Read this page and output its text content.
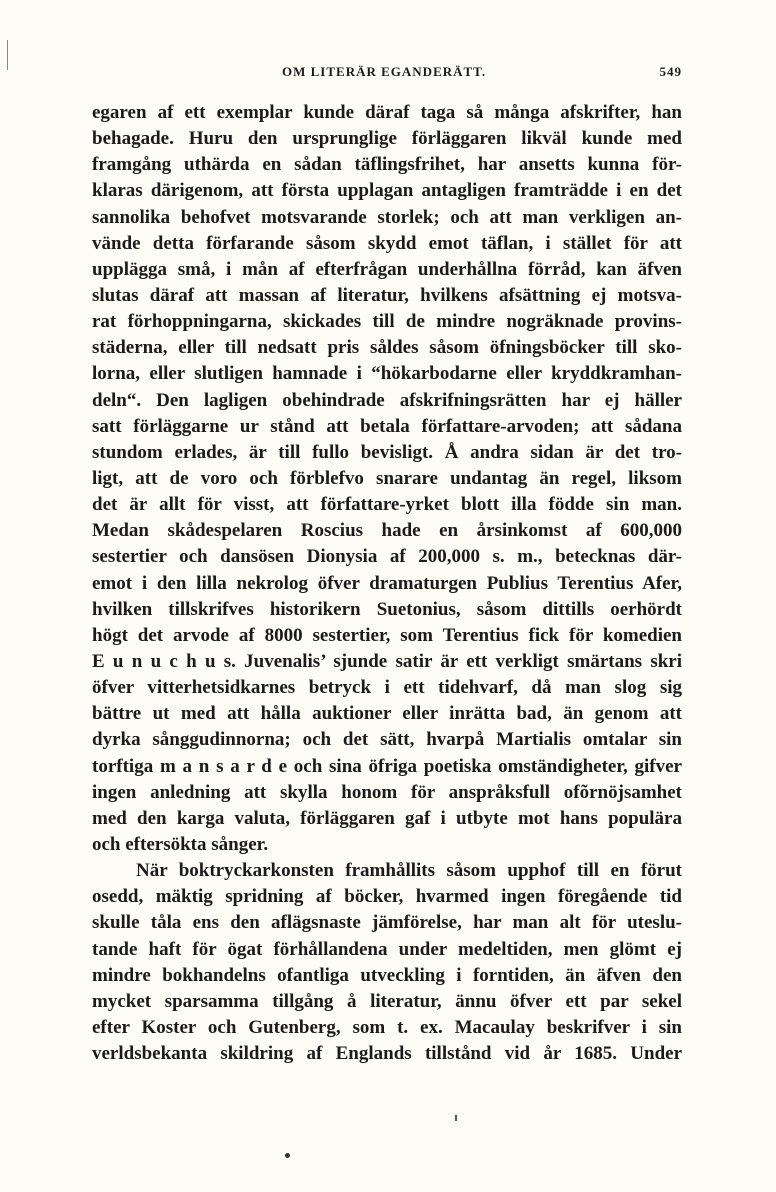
OM LITERÄR EGANDERÄTT.	549
egaren af ett exemplar kunde däraf taga så många afskrifter, han
behagade. Huru den ursprunglige förläggaren likväl kunde med
framgång uthärda en sådan täflingsfrihet, har ansetts kunna för-
klaras därigenom, att första upplagan antagligen framträdde i en det
sannolika behofvet motsvarande storlek; och att man verkligen an-
vände detta förfarande såsom skydd emot täflan, i stället för att
upplägga små, i mån af efterfrågan underhållna förråd, kan äfven
slutas däraf att massan af literatur, hvilkens afsättning ej motsva-
rat förhoppningarna, skickades till de mindre nogräknade provins-
städerna, eller till nedsatt pris såldes såsom öfningsböcker till sko-
lorna, eller slutligen hamnade i “hökarbodarne eller kryddkramhan-
deln“. Den lagligen obehindrade afskrifningsrätten har ej häller
satt förläggarne ur stånd att betala författare-arvoden; att sådana
stundom erlades, är till fullo bevisligt. Å andra sidan är det tro-
ligt, att de voro och förblefvo snarare undantag än regel, liksom
det är allt för visst, att författare-yrket blott illa födde sin man.
Medan skådespelaren Roscius hade en årsinkomst af 600,000
sestertier och dansösen Dionysia af 200,000 s. m., betecknas där-
emot i den lilla nekrolog öfver dramaturgen Publius Terentius Afer,
hvilken tillskrifves historikern Suetonius, såsom dittills oerhördt
högt det arvode af 8000 sestertier, som Terentius fick för komedien
E u n u c h u s. Juvenalis’ sjunde satir är ett verkligt smärtans skri
öfver vitterhetsidkarnes betryck i ett tidehvarf, då man slog sig
bättre ut med att hålla auktioner eller inrätta bad, än genom att
dyrka sånggudinnorna; och det sätt, hvarpå Martialis omtalar sin
torftiga m a n s a r d e och sina öfriga poetiska omständigheter, gifver
ingen anledning att skylla honom för anspråksfull ofõrnöjsamhet
med den karga valuta, förläggaren gaf i utbyte mot hans populära
och eftersökta sånger.
När boktryckarkonsten framhållits såsom upphof till en förut
osedd, mäktig spridning af böcker, hvarmed ingen föregående tid
skulle tåla ens den aflägsnaste jämförelse, har man alt för uteslu-
tande haft för ögat förhållandena under medeltiden, men glömt ej
mindre bokhandelns ofantliga utveckling i forntiden, än äfven den
mycket sparsamma tillgång å literatur, ännu öfver ett par sekel
efter Koster och Gutenberg, som t. ex. Macaulay beskrifver i sin
verldsbekanta skildring af Englands tillstånd vid år 1685. Under
